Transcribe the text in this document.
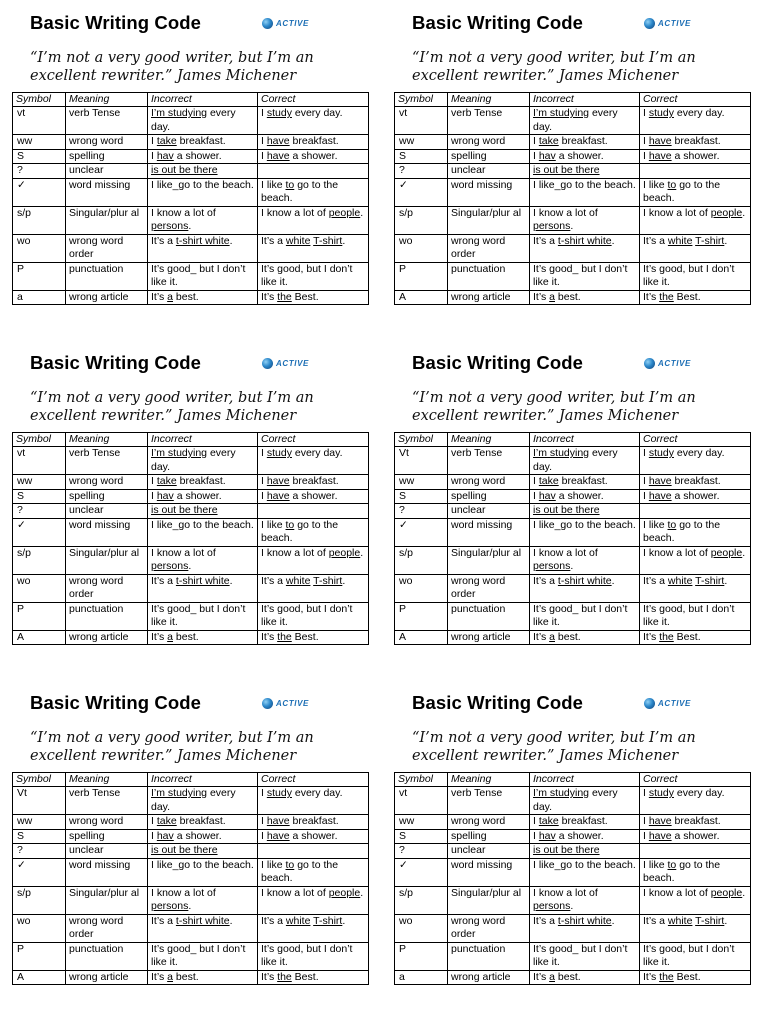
Basic Writing Code	ACTIVE

“I’m not a very good writer, but I’m an
excellent rewriter.” James Michener

Symbol	Meaning	Incorrect	Correct
vt	verb Tense	I’m studying every day.	I study every day.
ww	wrong word	I take breakfast.	I have breakfast.
S	spelling	I hav a shower.	I have a shower.
?	unclear	is out be there	
✓	word missing	I like_go to the beach.	I like to go to the beach.
s/p	Singular/plur al	I know a lot of persons.	I know a lot of people.
wo	wrong word order	It’s a t-shirt white.	It’s a white T-shirt.
P	punctuation	It’s good_ but I don’t like it.	It’s good, but I don’t like it.
a	wrong article	It’s a best.	It’s the Best.
Basic Writing Code	ACTIVE

“I’m not a very good writer, but I’m an
excellent rewriter.” James Michener

Symbol	Meaning	Incorrect	Correct
vt	verb Tense	I’m studying every day.	I study every day.
ww	wrong word	I take breakfast.	I have breakfast.
S	spelling	I hav a shower.	I have a shower.
?	unclear	is out be there	
✓	word missing	I like_go to the beach.	I like to go to the beach.
s/p	Singular/plur al	I know a lot of persons.	I know a lot of people.
wo	wrong word order	It’s a t-shirt white.	It’s a white T-shirt.
P	punctuation	It’s good_ but I don’t like it.	It’s good, but I don’t like it.
A	wrong article	It’s a best.	It’s the Best.
Basic Writing Code	ACTIVE

“I’m not a very good writer, but I’m an
excellent rewriter.” James Michener

Symbol	Meaning	Incorrect	Correct
vt	verb Tense	I’m studying every day.	I study every day.
ww	wrong word	I take breakfast.	I have breakfast.
S	spelling	I hav a shower.	I have a shower.
?	unclear	is out be there	
✓	word missing	I like_go to the beach.	I like to go to the beach.
s/p	Singular/plur al	I know a lot of persons.	I know a lot of people.
wo	wrong word order	It’s a t-shirt white.	It’s a white T-shirt.
P	punctuation	It’s good_ but I don’t like it.	It’s good, but I don’t like it.
A	wrong article	It’s a best.	It’s the Best.
Basic Writing Code	ACTIVE

“I’m not a very good writer, but I’m an
excellent rewriter.” James Michener

Symbol	Meaning	Incorrect	Correct
Vt	verb Tense	I’m studying every day.	I study every day.
ww	wrong word	I take breakfast.	I have breakfast.
S	spelling	I hav a shower.	I have a shower.
?	unclear	is out be there	
✓	word missing	I like_go to the beach.	I like to go to the beach.
s/p	Singular/plur al	I know a lot of persons.	I know a lot of people.
wo	wrong word order	It’s a t-shirt white.	It’s a white T-shirt.
P	punctuation	It’s good_ but I don’t like it.	It’s good, but I don’t like it.
A	wrong article	It’s a best.	It’s the Best.
Basic Writing Code	ACTIVE

“I’m not a very good writer, but I’m an
excellent rewriter.” James Michener

Symbol	Meaning	Incorrect	Correct
Vt	verb Tense	I’m studying every day.	I study every day.
ww	wrong word	I take breakfast.	I have breakfast.
S	spelling	I hav a shower.	I have a shower.
?	unclear	is out be there	
✓	word missing	I like_go to the beach.	I like to go to the beach.
s/p	Singular/plur al	I know a lot of persons.	I know a lot of people.
wo	wrong word order	It’s a t-shirt white.	It’s a white T-shirt.
P	punctuation	It’s good_ but I don’t like it.	It’s good, but I don’t like it.
A	wrong article	It’s a best.	It’s the Best.
Basic Writing Code	ACTIVE

“I’m not a very good writer, but I’m an
excellent rewriter.” James Michener

Symbol	Meaning	Incorrect	Correct
vt	verb Tense	I’m studying every day.	I study every day.
ww	wrong word	I take breakfast.	I have breakfast.
S	spelling	I hav a shower.	I have a shower.
?	unclear	is out be there	
✓	word missing	I like_go to the beach.	I like to go to the beach.
s/p	Singular/plur al	I know a lot of persons.	I know a lot of people.
wo	wrong word order	It’s a t-shirt white.	It’s a white T-shirt.
P	punctuation	It’s good_ but I don’t like it.	It’s good, but I don’t like it.
a	wrong article	It’s a best.	It’s the Best.
